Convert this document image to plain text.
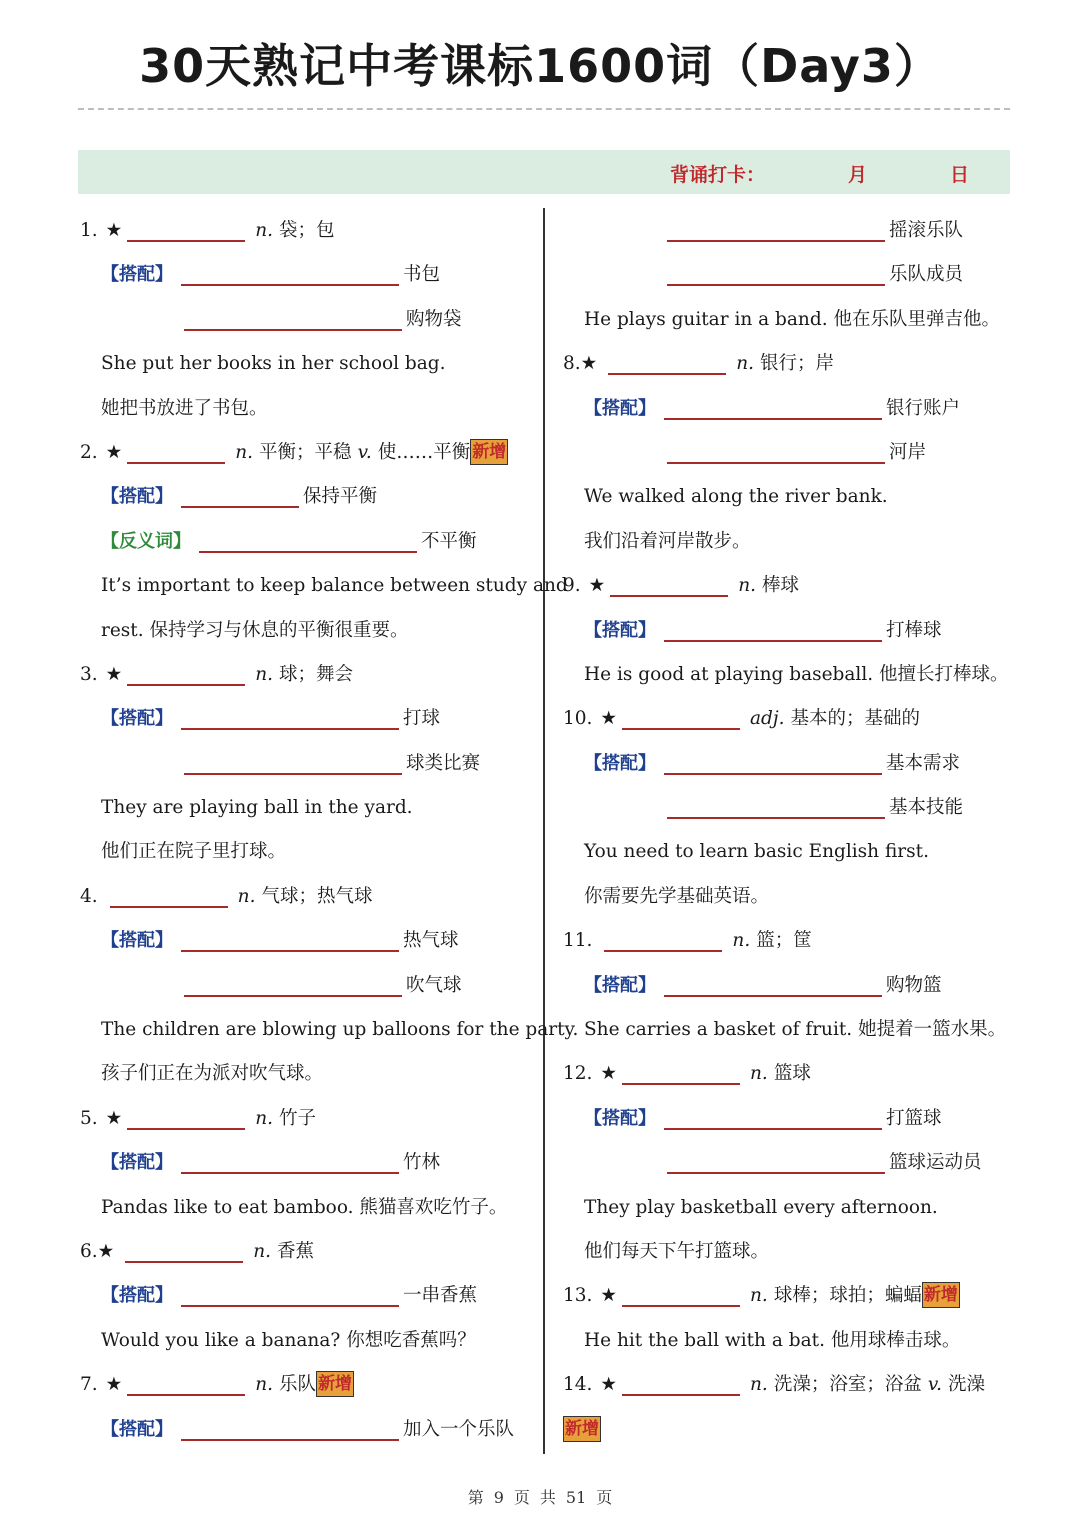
30天熟记中考课标1600词（Day3）
背诵打卡：	月	日
1. ★	n. 袋；包
【搭配】	书包
购物袋
She put her books in her school bag.
她把书放进了书包。
2. ★	n. 平衡；平稳 v. 使……平衡 新增
【搭配】	保持平衡
【反义词】	不平衡
It’s important to keep balance between study and
rest. 保持学习与休息的平衡很重要。
3. ★	n. 球；舞会
【搭配】	打球
球类比赛
They are playing ball in the yard.
他们正在院子里打球。
4.	n. 气球；热气球
【搭配】	热气球
吹气球
The children are blowing up balloons for the party.
孩子们正在为派对吹气球。
5. ★	n. 竹子
【搭配】	竹林
Pandas like to eat bamboo. 熊猫喜欢吃竹子。
6.★	n. 香蕉
【搭配】	一串香蕉
Would you like a banana? 你想吃香蕉吗？
7. ★	n. 乐队 新增
【搭配】	加入一个乐队
摇滚乐队
乐队成员
He plays guitar in a band. 他在乐队里弹吉他。
8.★	n. 银行；岸
【搭配】	银行账户
河岸
We walked along the river bank.
我们沿着河岸散步。
9. ★	n. 棒球
【搭配】	打棒球
He is good at playing baseball. 他擅长打棒球。
10. ★	adj. 基本的；基础的
【搭配】	基本需求
基本技能
You need to learn basic English first.
你需要先学基础英语。
11.	n. 篮；筐
【搭配】	购物篮
She carries a basket of fruit. 她提着一篮水果。
12. ★	n. 篮球
【搭配】	打篮球
篮球运动员
They play basketball every afternoon.
他们每天下午打篮球。
13. ★	n. 球棒；球拍；蝙蝠 新增
He hit the ball with a bat. 他用球棒击球。
14. ★	n. 洗澡；浴室；浴盆 v. 洗澡
新增
第 9 页 共 51 页
